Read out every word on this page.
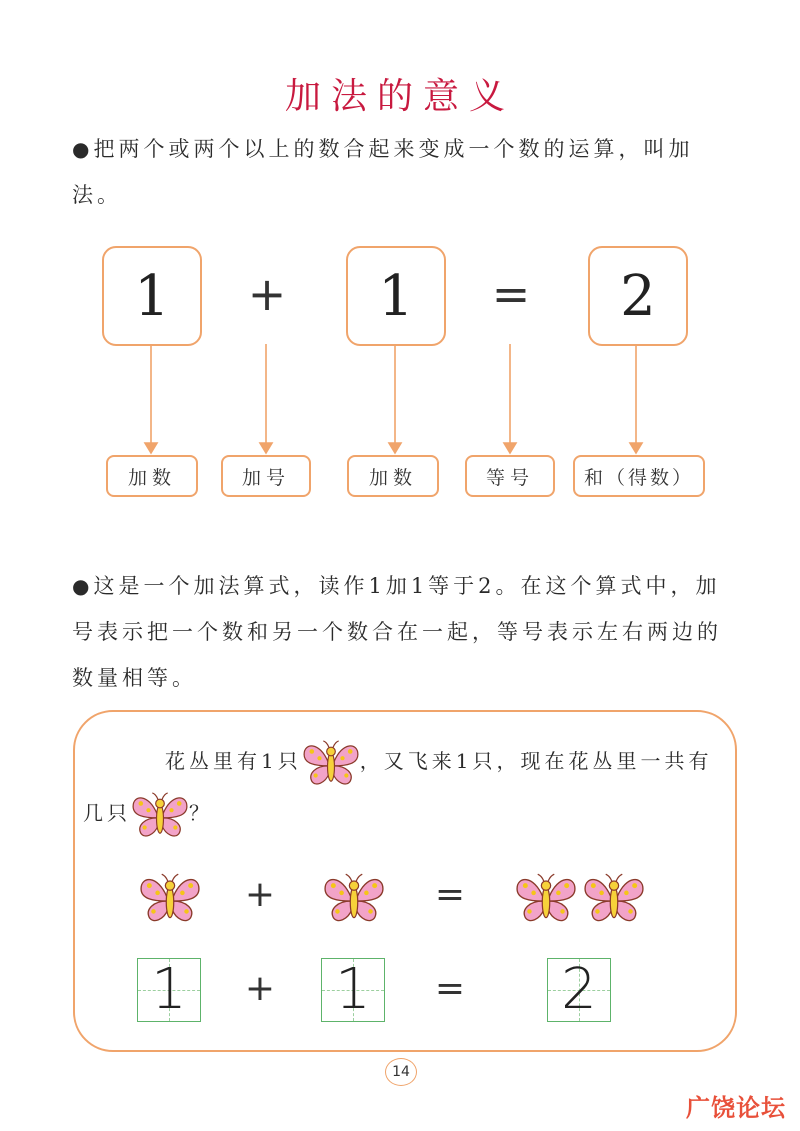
加法的意义
●把两个或两个以上的数合起来变成一个数的运算，叫加法。
1	+	1	=	2
加数	加号	加数	等号	和（得数）
●这是一个加法算式，读作1加1等于2。在这个算式中，加号表示把一个数和另一个数合在一起，等号表示左右两边的数量相等。
花丛里有1只	，又飞来1只，现在花丛里一共有
几只	？
+	=
1	+ 1	= 2
14
广饶论坛
